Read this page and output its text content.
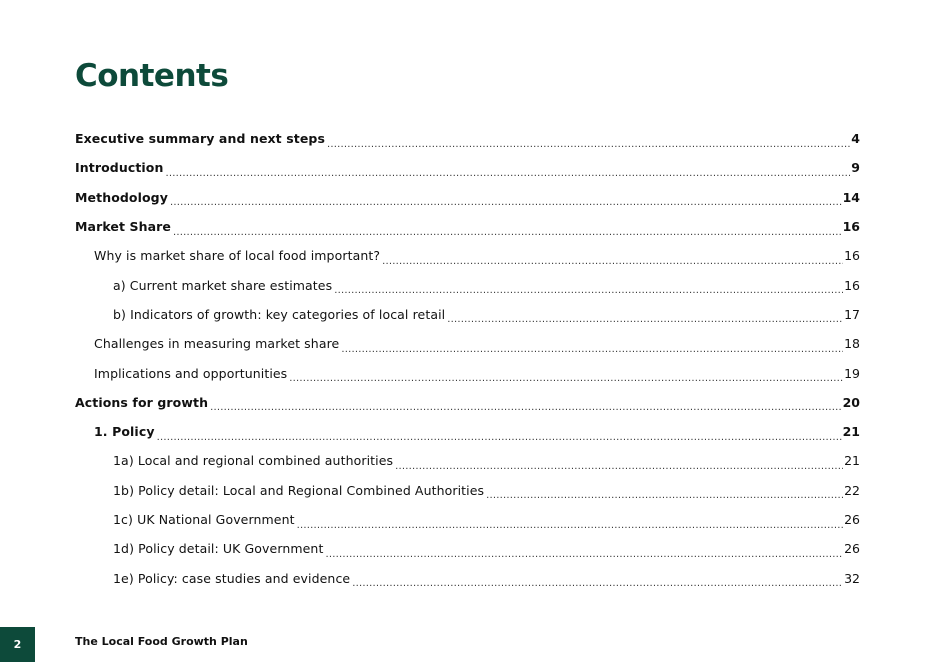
Contents
Executive summary and next steps .....	4
Introduction .....	9
Methodology .....	14
Market Share .....	16
Why is market share of local food important? .....	16
a) Current market share estimates .....	16
b) Indicators of growth: key categories of local retail .....	17
Challenges in measuring market share .....	18
Implications and opportunities .....	19
Actions for growth .....	20
1. Policy .....	21
1a) Local and regional combined authorities .....	21
1b) Policy detail: Local and Regional Combined Authorities .....	22
1c) UK National Government .....	26
1d) Policy detail: UK Government .....	26
1e) Policy: case studies and evidence .....	32
2	The Local Food Growth Plan
